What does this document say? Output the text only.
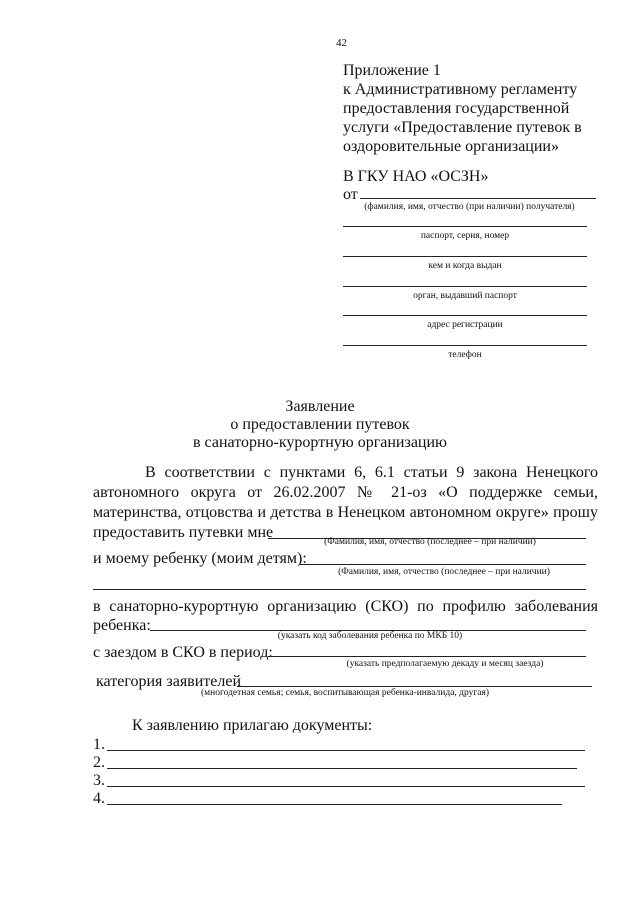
42
Приложение 1
к Административному регламенту
предоставления государственной
услуги «Предоставление путевок в
оздоровительные организации»
В ГКУ НАО «ОСЗН»
от
(фамилия, имя, отчество (при наличии) получателя)
паспорт, серия, номер
кем и когда выдан
орган, выдавший паспорт
адрес регистрации
телефон
Заявление
о предоставлении путевок
в санаторно-курортную организацию
В соответствии с пунктами 6, 6.1 статьи 9 закона Ненецкого
автономного округа от 26.02.2007 № 21-оз «О поддержке семьи,
материнства, отцовства и детства в Ненецком автономном округе» прошу
предоставить путевки мне
(Фамилия, имя, отчество (последнее – при наличии)
и моему ребенку (моим детям):
(Фамилия, имя, отчество (последнее – при наличии)
в санаторно-курортную организацию (СКО) по профилю заболевания
ребенка:
(указать код заболевания ребенка по МКБ 10)
с заездом в СКО в период:
(указать предполагаемую декаду и месяц заезда)
категория заявителей
(многодетная семья; семья, воспитывающая ребенка-инвалида, другая)
К заявлению прилагаю документы:
1.
2.
3.
4.
